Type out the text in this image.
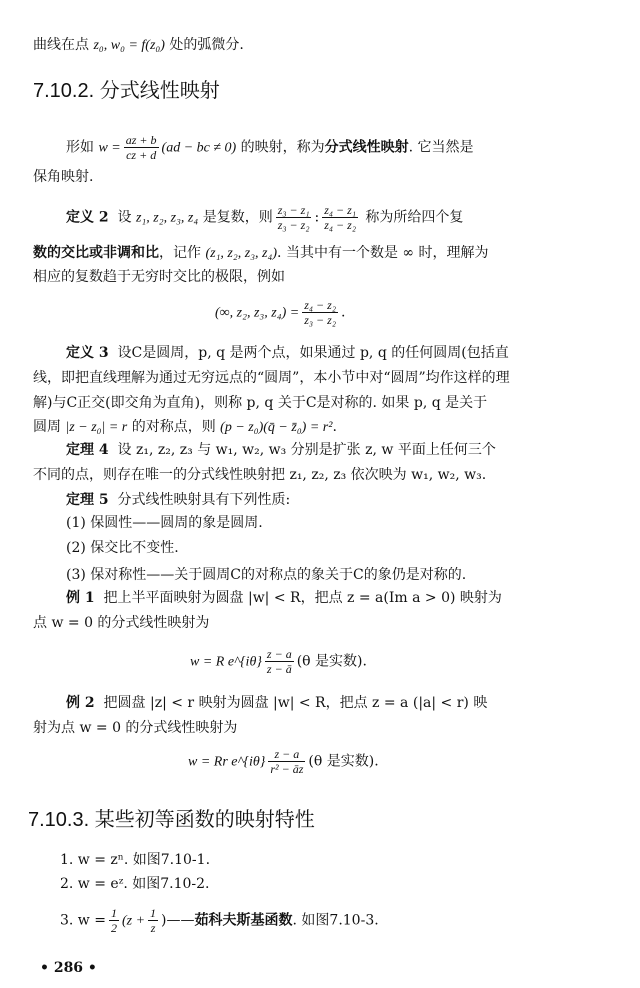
曲线在点 z₀, w₀ = f(z₀) 处的弧微分.
7.10.2. 分式线性映射
形如 $w = \frac{az + b}{cz + d} (ad$ − bc ≠ 0) 的映射，称为分式线性映射. 它当然是
保角映射.
定义 2 设 z₁, z₂, z₃, z₄ 是复数，则 $\frac{\text{z₃ − z₁}}{\text{z₃ − z₂}}$ : $\frac{\text{z₄ − z₁}}{\text{z₄ − z₂}}$ 称为所给四个复
数的交比或非调和比，记作 (z₁, z₂, z₃, z₄). 当其中有一个数是 ∞ 时，理解为
相应的复数趋于无穷时交比的极限，例如
(∞, z₂, z₃, $z_4) = \frac{\text{z₄ − z₂}}{\text{z₃ − z₂}}$ .
定义 3 设C是圆周，p, q 是两个点，如果通过 p, q 的任何圆周(包括直
线，即把直线理解为通过无穷远点的“圆周”，本小节中对“圆周”均作这样的理
解)与C正交(即交角为直角)，则称 p, q 关于C是对称的. 如果 p, q 是关于
圆周 |z − z₀| = r 的对称点，则 (p − z₀)(q̄ − z̄₀) = r².
定理 4 设 z₁, z₂, z₃ 与 w₁, w₂, w₃ 分别是扩张 z, w 平面上任何三个
不同的点，则存在唯一的分式线性映射把 z₁, z₂, z₃ 依次映为 w₁, w₂, w₃.
定理 5 分式线性映射具有下列性质:
(1) 保圆性——圆周的象是圆周.
(2) 保交比不变性.
(3) 保对称性——关于圆周C的对称点的象关于C的象仍是对称的.
例 1 把上半平面映射为圆盘 |w| < R，把点 z = a(Im a > 0) 映射为
点 w = 0 的分式线性映射为
w = R e^{iθ} $\frac{z - a}{z - ā} (\theta$ 是实数).
例 2 把圆盘 |z| < r 映射为圆盘 |w| < R，把点 z = a (|a| < r) 映
射为点 w = 0 的分式线性映射为
w = Rr e^{iθ} $\frac{z - a}{\text{r² − āz}} (\theta$ 是实数).
7.10.3. 某些初等函数的映射特性
1. w = zⁿ. 如图7.10-1.
2. w = eᶻ. 如图7.10-2.
3. $w = \frac{1}{2} (z + \frac{1}{z}$ )——茹科夫斯基函数. 如图7.10-3.
• 286 •
